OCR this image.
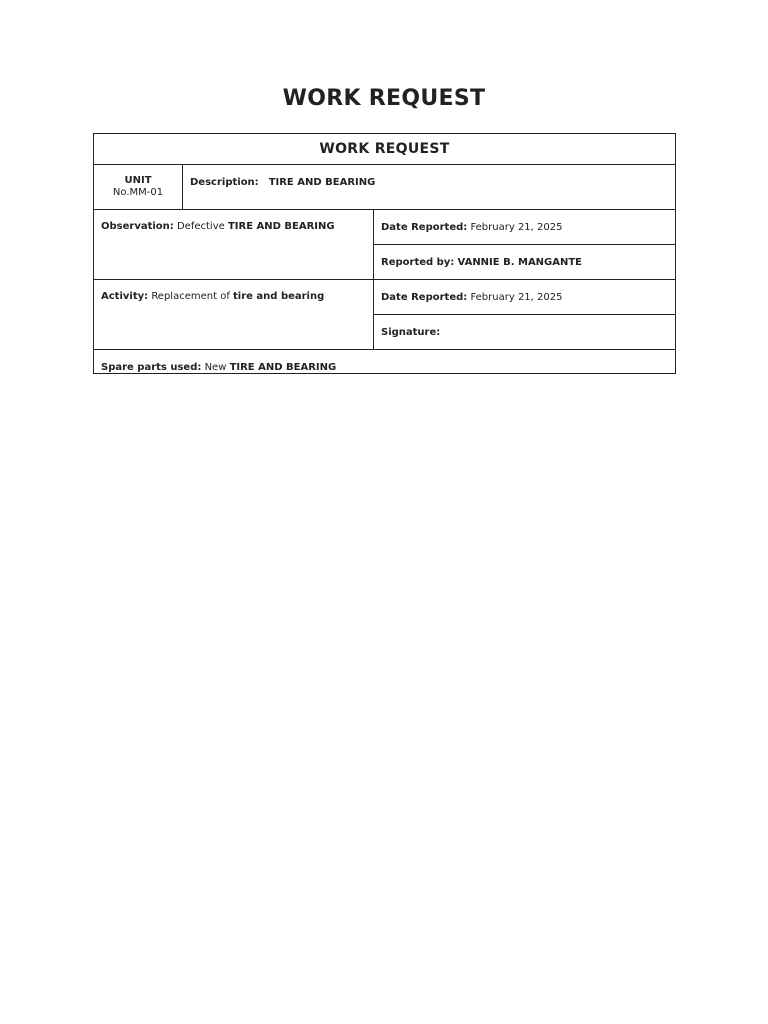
WORK REQUEST
WORK REQUEST		

UNIT
No.MM-01	Description: TIRE AND BEARING	

Observation: Defective TIRE AND BEARING		Date Reported: February 21, 2025
		Reported by: VANNIE B. MANGANTE
Activity: Replacement of tire and bearing		Date Reported: February 21, 2025
		Signature:

Spare parts used: New TIRE AND BEARING		
